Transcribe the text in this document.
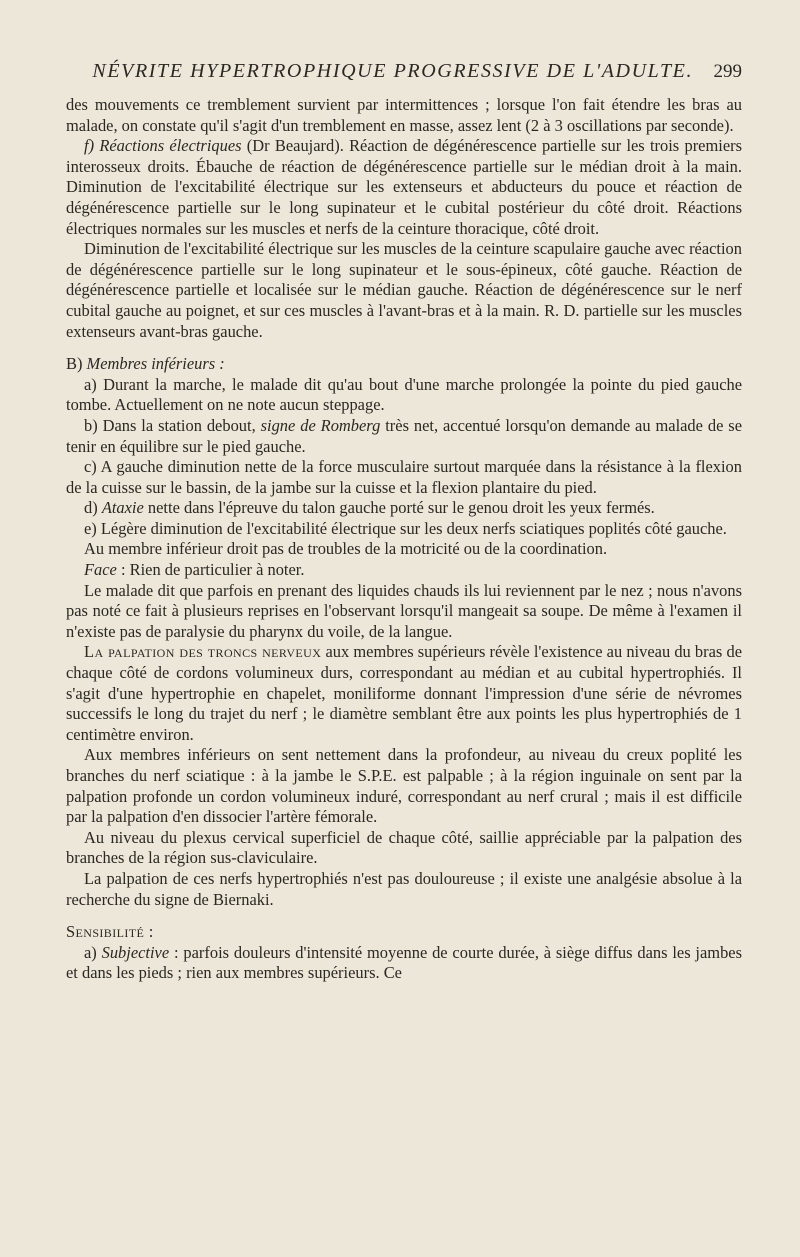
NÉVRITE HYPERTROPHIQUE PROGRESSIVE DE L'ADULTE.	299

des mouvements ce tremblement survient par intermittences ; lorsque l'on fait étendre les bras au malade, on constate qu'il s'agit d'un tremblement en masse, assez lent (2 à 3 oscillations par seconde).

f) Réactions électriques (Dr Beaujard). Réaction de dégénérescence partielle sur les trois premiers interosseux droits. Ébauche de réaction de dégénérescence partielle sur le médian droit à la main. Diminution de l'excitabilité électrique sur les extenseurs et abducteurs du pouce et réaction de dégénérescence partielle sur le long supinateur et le cubital postérieur du côté droit. Réactions électriques normales sur les muscles et nerfs de la ceinture thoracique, côté droit.

Diminution de l'excitabilité électrique sur les muscles de la ceinture scapulaire gauche avec réaction de dégénérescence partielle sur le long supinateur et le sous-épineux, côté gauche. Réaction de dégénérescence partielle et localisée sur le médian gauche. Réaction de dégénérescence sur le nerf cubital gauche au poignet, et sur ces muscles à l'avant-bras et à la main. R. D. partielle sur les muscles extenseurs avant-bras gauche.

B) Membres inférieurs :

a) Durant la marche, le malade dit qu'au bout d'une marche prolongée la pointe du pied gauche tombe. Actuellement on ne note aucun steppage.

b) Dans la station debout, signe de Romberg très net, accentué lorsqu'on demande au malade de se tenir en équilibre sur le pied gauche.

c) A gauche diminution nette de la force musculaire surtout marquée dans la résistance à la flexion de la cuisse sur le bassin, de la jambe sur la cuisse et la flexion plantaire du pied.

d) Ataxie nette dans l'épreuve du talon gauche porté sur le genou droit les yeux fermés.

e) Légère diminution de l'excitabilité électrique sur les deux nerfs sciatiques poplités côté gauche.

Au membre inférieur droit pas de troubles de la motricité ou de la coordination.

Face : Rien de particulier à noter.

Le malade dit que parfois en prenant des liquides chauds ils lui reviennent par le nez ; nous n'avons pas noté ce fait à plusieurs reprises en l'observant lorsqu'il mangeait sa soupe. De même à l'examen il n'existe pas de paralysie du pharynx du voile, de la langue.

La palpation des troncs nerveux aux membres supérieurs révèle l'existence au niveau du bras de chaque côté de cordons volumineux durs, correspondant au médian et au cubital hypertrophiés. Il s'agit d'une hypertrophie en chapelet, moniliforme donnant l'impression d'une série de névromes successifs le long du trajet du nerf ; le diamètre semblant être aux points les plus hypertrophiés de 1 centimètre environ.

Aux membres inférieurs on sent nettement dans la profondeur, au niveau du creux poplité les branches du nerf sciatique : à la jambe le S.P.E. est palpable ; à la région inguinale on sent par la palpation profonde un cordon volumineux induré, correspondant au nerf crural ; mais il est difficile par la palpation d'en dissocier l'artère fémorale.

Au niveau du plexus cervical superficiel de chaque côté, saillie appréciable par la palpation des branches de la région sus-claviculaire.

La palpation de ces nerfs hypertrophiés n'est pas douloureuse ; il existe une analgésie absolue à la recherche du signe de Biernaki.

Sensibilité :

a) Subjective : parfois douleurs d'intensité moyenne de courte durée, à siège diffus dans les jambes et dans les pieds ; rien aux membres supérieurs. Ce
